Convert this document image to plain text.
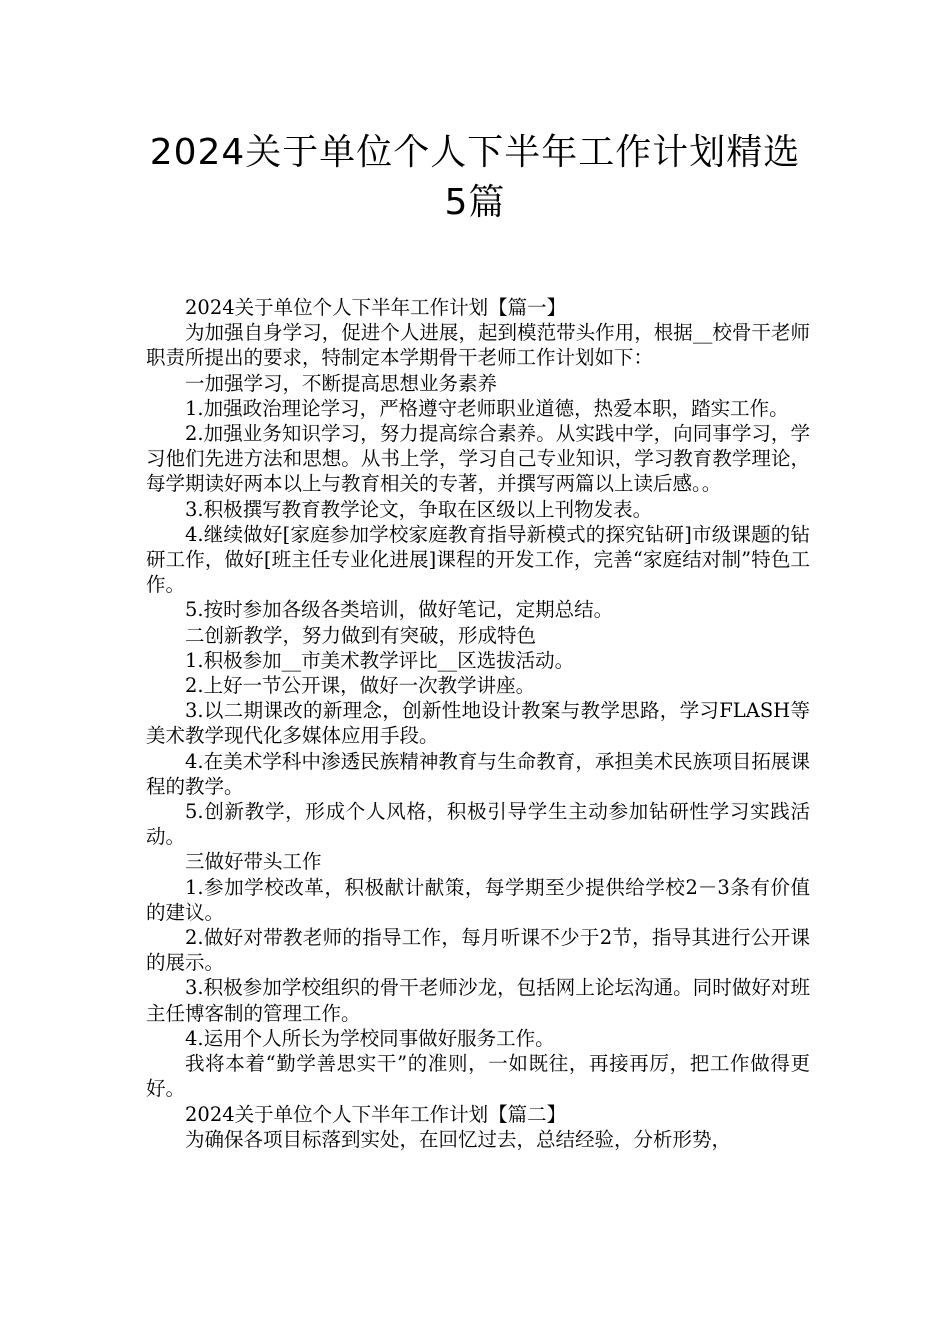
2024关于单位个人下半年工作计划精选
5篇

2024关于单位个人下半年工作计划【篇一】

为加强自身学习，促进个人进展，起到模范带头作用，根据__校骨干老师职责所提出的要求，特制定本学期骨干老师工作计划如下：

一加强学习，不断提高思想业务素养

1.加强政治理论学习，严格遵守老师职业道德，热爱本职，踏实工作。

2.加强业务知识学习，努力提高综合素养。从实践中学，向同事学习，学习他们先进方法和思想。从书上学，学习自己专业知识，学习教育教学理论，每学期读好两本以上与教育相关的专著，并撰写两篇以上读后感。。

3.积极撰写教育教学论文，争取在区级以上刊物发表。

4.继续做好[家庭参加学校家庭教育指导新模式的探究钻研]市级课题的钻研工作，做好[班主任专业化进展]课程的开发工作，完善“家庭结对制”特色工作。

5.按时参加各级各类培训，做好笔记，定期总结。

二创新教学，努力做到有突破，形成特色

1.积极参加__市美术教学评比__区选拔活动。

2.上好一节公开课，做好一次教学讲座。

3.以二期课改的新理念，创新性地设计教案与教学思路，学习FLASH等美术教学现代化多媒体应用手段。

4.在美术学科中渗透民族精神教育与生命教育，承担美术民族项目拓展课程的教学。

5.创新教学，形成个人风格，积极引导学生主动参加钻研性学习实践活动。

三做好带头工作

1.参加学校改革，积极献计献策，每学期至少提供给学校2－3条有价值的建议。

2.做好对带教老师的指导工作，每月听课不少于2节，指导其进行公开课的展示。

3.积极参加学校组织的骨干老师沙龙，包括网上论坛沟通。同时做好对班主任博客制的管理工作。

4.运用个人所长为学校同事做好服务工作。

我将本着“勤学善思实干”的准则，一如既往，再接再厉，把工作做得更好。

2024关于单位个人下半年工作计划【篇二】

为确保各项目标落到实处，在回忆过去，总结经验，分析形势，
